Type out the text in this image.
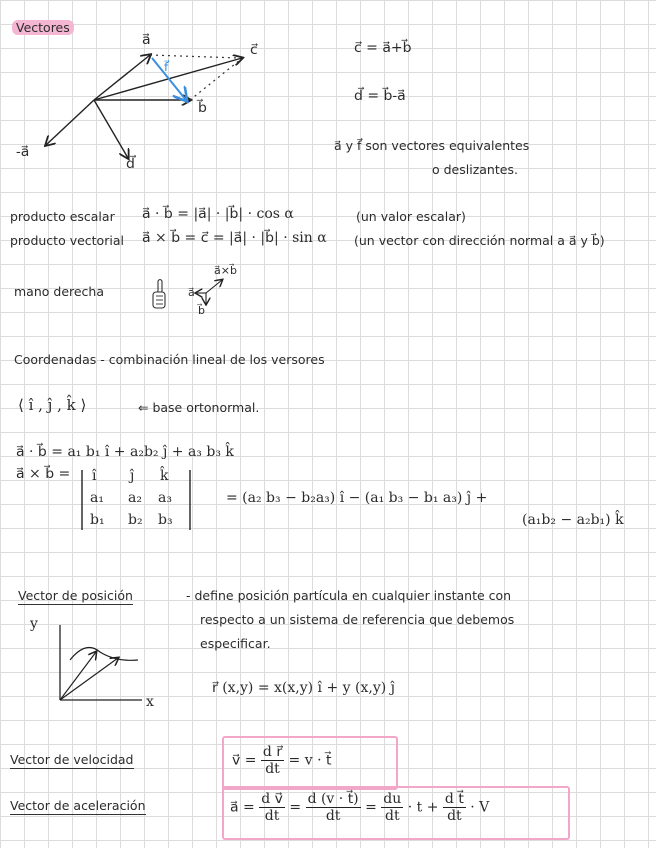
Vectores
a⃗
c⃗
b⃗
-a⃗
d⃗
f⃗
c⃗ = a⃗+b⃗
d⃗ = b⃗-a⃗
a⃗ y f⃗ son vectores equivalentes
o deslizantes.
producto escalar a⃗ · b⃗ = |a⃗| · |b⃗| · cos α	(un valor escalar)
producto vectorial a⃗ × b⃗ = c⃗ = |a⃗| · |b⃗| · sin α (un vector con dirección normal a a⃗ y b⃗)
mano derecha
a⃗×b⃗
a⃗
b⃗
Coordenadas - combinación lineal de los versores
⟨ î , ĵ , k̂ ⟩	⇐ base ortonormal.
a⃗ · b⃗ = a₁ b₁ î + a₂b₂ ĵ + a₃ b₃ k̂
a⃗ × b⃗ = î ĵ k̂
a₁ a₂ a₃
b₁ b₂ b₃
= (a₂ b₃ − b₂a₃) î − (a₁ b₃ − b₁ a₃) ĵ +
(a₁b₂ − a₂b₁) k̂
Vector de posición	- define posición partícula en cualquier instante con
respecto a un sistema de referencia que debemos
especificar.
y
x
r⃗ (x,y) = x(x,y) î + y (x,y) ĵ
Vector de velocidad	v⃗ = $\frac{\text{d r⃗}}{dt} = v$ · t⃗
Vector de aceleración	a⃗ = $\frac{\text{d v⃗}}{dt} = \frac{d (v \cdot t⃗)}{dt} = \frac{du}{dt} \cdot t + \frac{\text{d t⃗}}{dt} \cdot V$
